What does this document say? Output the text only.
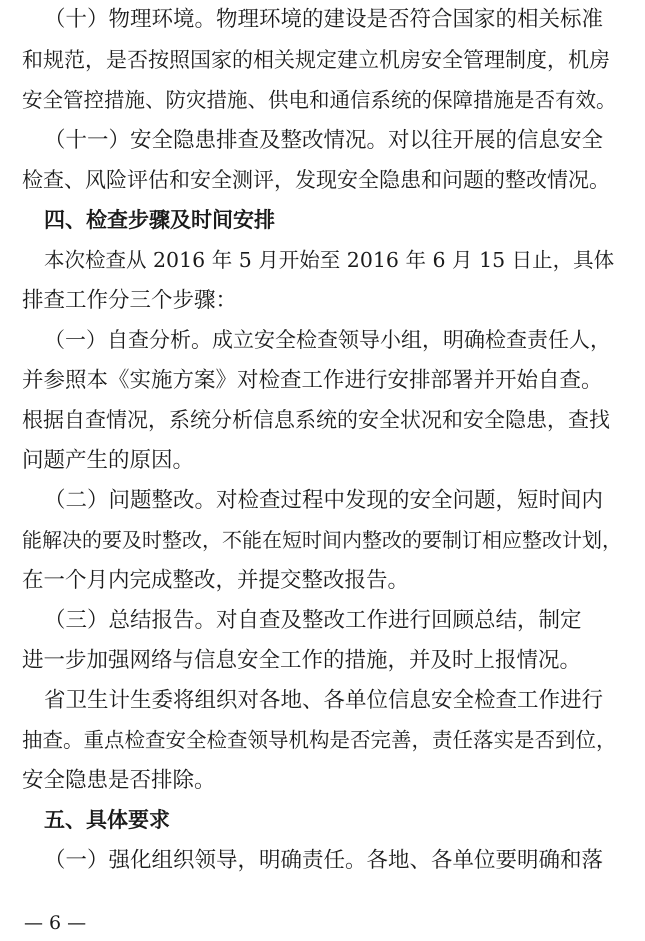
（十）物理环境。物理环境的建设是否符合国家的相关标准
和规范，是否按照国家的相关规定建立机房安全管理制度，机房
安全管控措施、防灾措施、供电和通信系统的保障措施是否有效。
（十一）安全隐患排查及整改情况。对以往开展的信息安全
检查、风险评估和安全测评，发现安全隐患和问题的整改情况。
四、检查步骤及时间安排
本次检查从 2016 年 5 月开始至 2016 年 6 月 15 日止，具体
排查工作分三个步骤：
（一）自查分析。成立安全检查领导小组，明确检查责任人，
并参照本《实施方案》对检查工作进行安排部署并开始自查。
根据自查情况，系统分析信息系统的安全状况和安全隐患，查找
问题产生的原因。
（二）问题整改。对检查过程中发现的安全问题，短时间内
能解决的要及时整改，不能在短时间内整改的要制订相应整改计划，
在一个月内完成整改，并提交整改报告。
（三）总结报告。对自查及整改工作进行回顾总结，制定
进一步加强网络与信息安全工作的措施，并及时上报情况。
省卫生计生委将组织对各地、各单位信息安全检查工作进行
抽查。重点检查安全检查领导机构是否完善，责任落实是否到位，
安全隐患是否排除。
五、具体要求
（一）强化组织领导，明确责任。各地、各单位要明确和落
— 6 —
